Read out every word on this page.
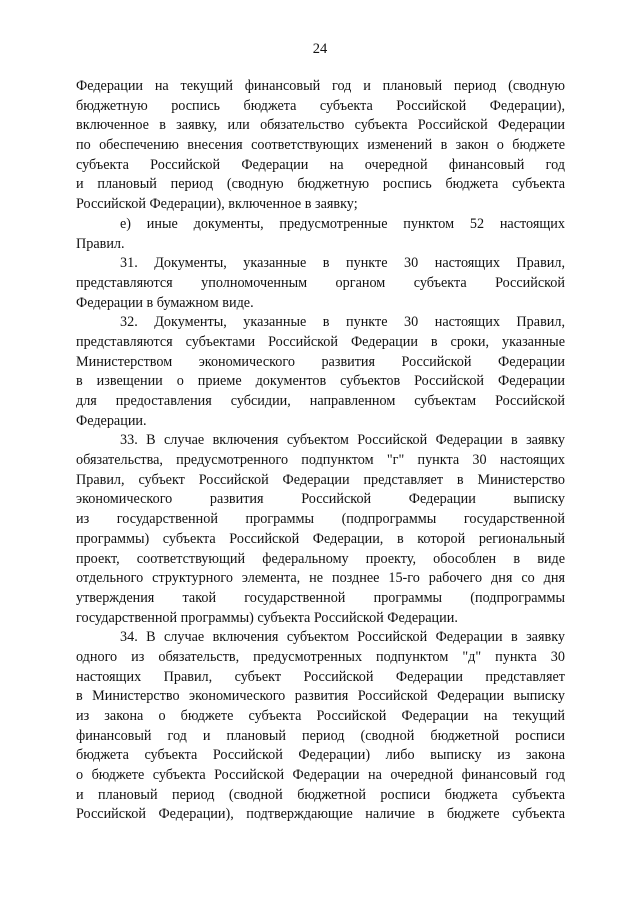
24
Федерации на текущий финансовый год и плановый период (сводную
бюджетную роспись бюджета субъекта Российской Федерации),
включенное в заявку, или обязательство субъекта Российской Федерации
по обеспечению внесения соответствующих изменений в закон о бюджете
субъекта Российской Федерации на очередной финансовый год
и плановый период (сводную бюджетную роспись бюджета субъекта
Российской Федерации), включенное в заявку;
е) иные документы, предусмотренные пунктом 52 настоящих
Правил.
31. Документы, указанные в пункте 30 настоящих Правил,
представляются уполномоченным органом субъекта Российской
Федерации в бумажном виде.
32. Документы, указанные в пункте 30 настоящих Правил,
представляются субъектами Российской Федерации в сроки, указанные
Министерством экономического развития Российской Федерации
в извещении о приеме документов субъектов Российской Федерации
для предоставления субсидии, направленном субъектам Российской
Федерации.
33. В случае включения субъектом Российской Федерации в заявку
обязательства, предусмотренного подпунктом "г" пункта 30 настоящих
Правил, субъект Российской Федерации представляет в Министерство
экономического развития Российской Федерации выписку
из государственной программы (подпрограммы государственной
программы) субъекта Российской Федерации, в которой региональный
проект, соответствующий федеральному проекту, обособлен в виде
отдельного структурного элемента, не позднее 15-го рабочего дня со дня
утверждения такой государственной программы (подпрограммы
государственной программы) субъекта Российской Федерации.
34. В случае включения субъектом Российской Федерации в заявку
одного из обязательств, предусмотренных подпунктом "д" пункта 30
настоящих Правил, субъект Российской Федерации представляет
в Министерство экономического развития Российской Федерации выписку
из закона о бюджете субъекта Российской Федерации на текущий
финансовый год и плановый период (сводной бюджетной росписи
бюджета субъекта Российской Федерации) либо выписку из закона
о бюджете субъекта Российской Федерации на очередной финансовый год
и плановый период (сводной бюджетной росписи бюджета субъекта
Российской Федерации), подтверждающие наличие в бюджете субъекта
